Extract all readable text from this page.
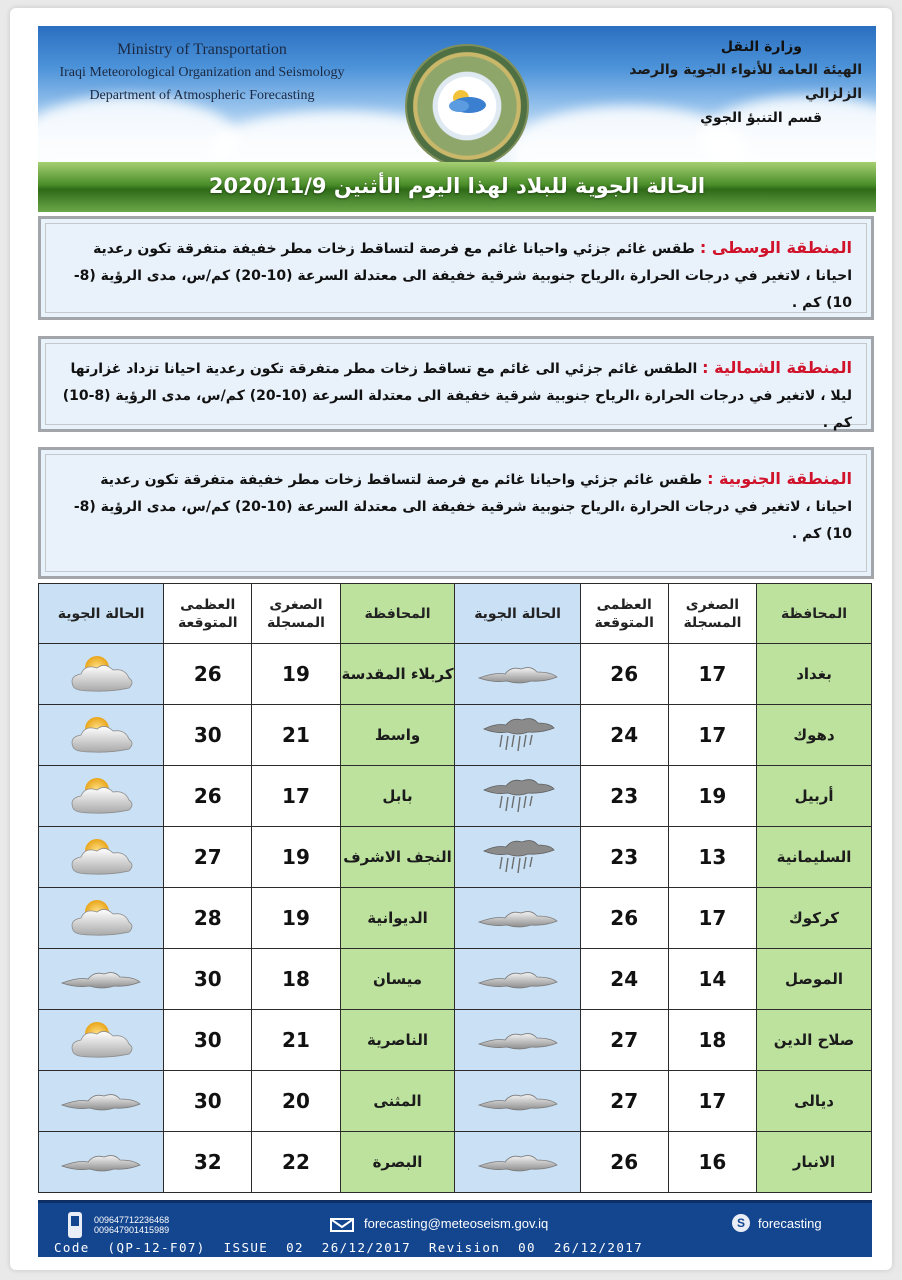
Ministry of Transportation
Iraqi Meteorological Organization and Seismology
Department of Atmospheric Forecasting
وزارة النقل
الهيئة العامة للأنواء الجوية والرصد الزلزالي
قسم التنبؤ الجوي
الحالة الجوية للبلاد لهذا اليوم الأثنين 2020/11/9
المنطقة الوسطى : طقس غائم جزئي واحيانا غائم مع فرصة لتساقط زخات مطر خفيفة متفرقة تكون رعدية احيانا ، لاتغير في درجات الحرارة ،الرياح جنوبية شرقية خفيفة الى معتدلة السرعة (10-20) كم/س، مدى الرؤية (8-10) كم .
المنطقة الشمالية : الطقس غائم جزئي الى غائم مع تساقط زخات مطر متفرقة تكون رعدية احيانا تزداد غزارتها ليلا ، لاتغير في درجات الحرارة ،الرياح جنوبية شرقية خفيفة الى معتدلة السرعة (10-20) كم/س، مدى الرؤية (8-10) كم .
المنطقة الجنوبية : طقس غائم جزئي واحيانا غائم مع فرصة لتساقط زخات مطر خفيفة متفرقة تكون رعدية احيانا ، لاتغير في درجات الحرارة ،الرياح جنوبية شرقية خفيفة الى معتدلة السرعة (10-20) كم/س، مدى الرؤية (8-10) كم .
الحالة الجوية	العظمى المتوقعة	الصغرى المسجلة	المحافظة	الحالة الجوية	العظمى المتوقعة	الصغرى المسجلة	المحافظة

	26	19	كربلاء المقدسة		26	17	بغداد

	30	21	واسط		24	17	دهوك

	26	17	بابل		23	19	أربيل

	27	19	النجف الاشرف		23	13	السليمانية

	28	19	الديوانية		26	17	كركوك

	30	18	ميسان		24	14	الموصل

	30	21	الناصرية		27	18	صلاح الدين

	30	20	المثنى		27	17	ديالى

	32	22	البصرة		26	16	الانبار
009647712236468
009647901415989	forecasting@meteoseism.gov.iq	S	forecasting
Code  (QP-12-F07)  ISSUE  02  26/12/2017  Revision  00  26/12/2017
